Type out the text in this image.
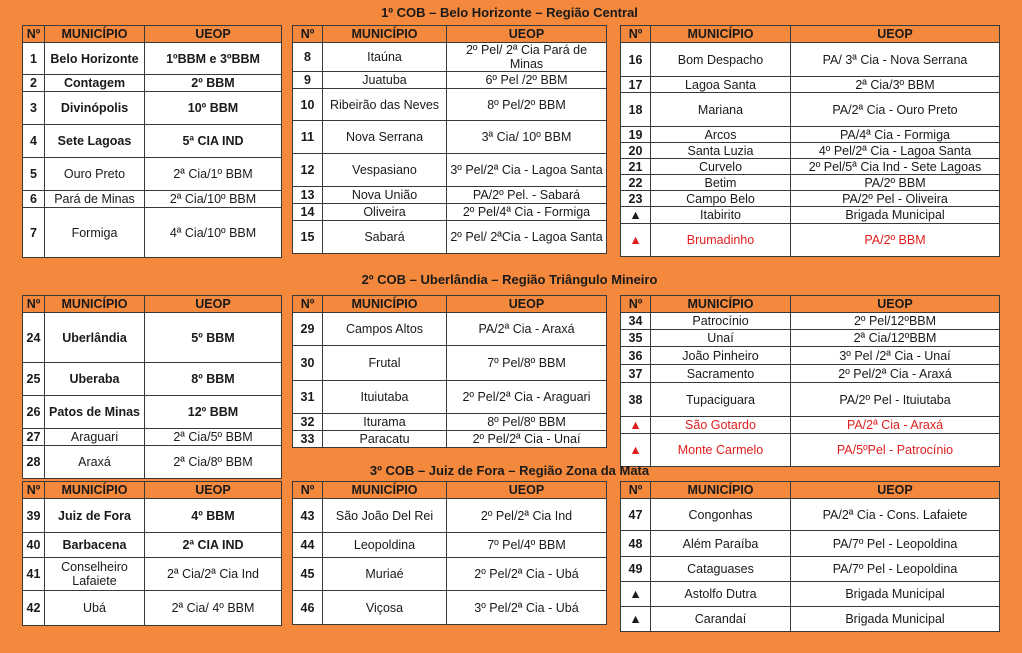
1º COB – Belo Horizonte – Região Central
Nº	MUNICÍPIO	UEOP
1	Belo Horizonte	1ºBBM e 3ºBBM
2	Contagem	2º BBM
3	Divinópolis	10º BBM
4	Sete Lagoas	5ª CIA IND
5	Ouro Preto	2ª Cia/1º BBM
6	Pará de Minas	2ª Cia/10º BBM
7	Formiga	4ª Cia/10º BBM
Nº	MUNICÍPIO	UEOP
8	Itaúna	2º Pel/ 2ª Cia Pará de Minas
9	Juatuba	6º Pel /2º BBM
10	Ribeirão das Neves	8º Pel/2º BBM
11	Nova Serrana	3ª Cia/ 10º BBM
12	Vespasiano	3º Pel/2ª Cia - Lagoa Santa
13	Nova União	PA/2º Pel. - Sabará
14	Oliveira	2º Pel/4ª Cia - Formiga
15	Sabará	2º Pel/ 2ªCia - Lagoa Santa
Nº	MUNICÍPIO	UEOP
16	Bom Despacho	PA/ 3ª Cia - Nova Serrana
17	Lagoa Santa	2ª Cia/3º BBM
18	Mariana	PA/2ª Cia - Ouro Preto
19	Arcos	PA/4ª Cia - Formiga
20	Santa Luzia	4º Pel/2ª Cia - Lagoa Santa
21	Curvelo	2º Pel/5ª Cia Ind - Sete Lagoas
22	Betim	PA/2º BBM
23	Campo Belo	PA/2º Pel - Oliveira
▲	Itabirito	Brigada Municipal
▲	Brumadinho	PA/2º BBM
2º COB – Uberlândia – Região Triângulo Mineiro
Nº	MUNICÍPIO	UEOP
24	Uberlândia	5º BBM
25	Uberaba	8º BBM
26	Patos de Minas	12º BBM
27	Araguari	2ª Cia/5º BBM
28	Araxá	2ª Cia/8º BBM
Nº	MUNICÍPIO	UEOP
29	Campos Altos	PA/2ª Cia - Araxá
30	Frutal	7º Pel/8º BBM
31	Ituiutaba	2º Pel/2ª Cia - Araguari
32	Iturama	8º Pel/8º BBM
33	Paracatu	2º Pel/2ª Cia - Unaí
Nº	MUNICÍPIO	UEOP
34	Patrocínio	2º Pel/12ºBBM
35	Unaí	2ª Cia/12ºBBM
36	João Pinheiro	3º Pel /2ª Cia - Unaí
37	Sacramento	2º Pel/2ª Cia - Araxá
38	Tupaciguara	PA/2º Pel - Ituiutaba
▲	São Gotardo	PA/2ª Cia - Araxá
▲	Monte Carmelo	PA/5ºPel - Patrocínio
3º COB – Juiz de Fora – Região Zona da Mata
Nº	MUNICÍPIO	UEOP
39	Juiz de Fora	4º BBM
40	Barbacena	2ª CIA IND
41	Conselheiro Lafaiete	2ª Cia/2ª Cia Ind
42	Ubá	2ª Cia/ 4º BBM
Nº	MUNICÍPIO	UEOP
43	São João Del Rei	2º Pel/2ª Cia Ind
44	Leopoldina	7º Pel/4º BBM
45	Muriaé	2º Pel/2ª Cia - Ubá
46	Viçosa	3º Pel/2ª Cia - Ubá
Nº	MUNICÍPIO	UEOP
47	Congonhas	PA/2ª Cia - Cons. Lafaiete
48	Além Paraíba	PA/7º Pel - Leopoldina
49	Cataguases	PA/7º Pel - Leopoldina
▲	Astolfo Dutra	Brigada Municipal
▲	Carandaí	Brigada Municipal
